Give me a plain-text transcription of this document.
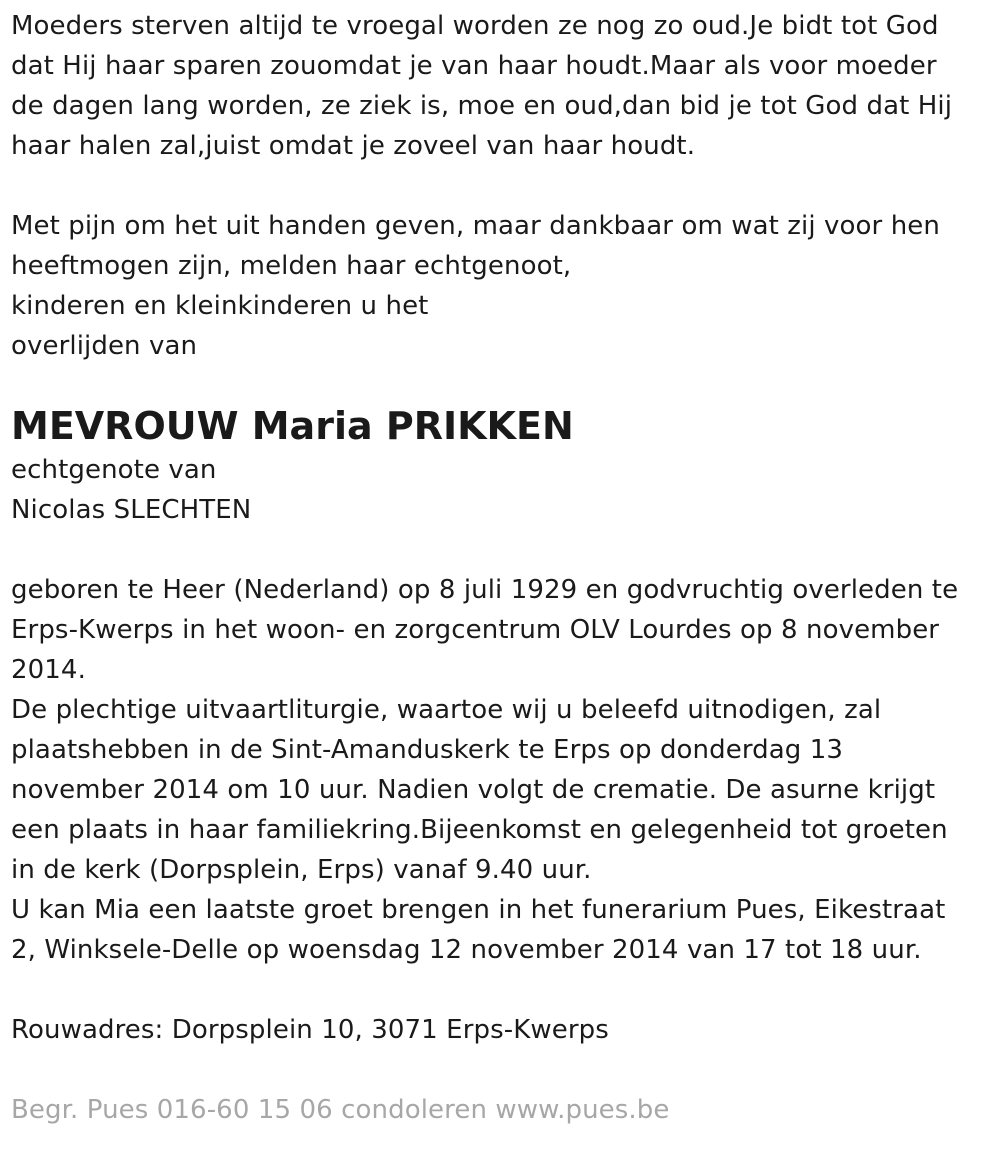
Moeders sterven altijd te vroegal worden ze nog zo oud.Je bidt tot God
dat Hij haar sparen zouomdat je van haar houdt.Maar als voor moeder
de dagen lang worden, ze ziek is, moe en oud,dan bid je tot God dat Hij
haar halen zal,juist omdat je zoveel van haar houdt.
Met pijn om het uit handen geven, maar dankbaar om wat zij voor hen
heeftmogen zijn, melden haar echtgenoot,
kinderen en kleinkinderen u het
overlijden van
MEVROUW Maria PRIKKEN
echtgenote van
Nicolas SLECHTEN
geboren te Heer (Nederland) op 8 juli 1929 en godvruchtig overleden te
Erps-Kwerps in het woon- en zorgcentrum OLV Lourdes op 8 november
2014.
De plechtige uitvaartliturgie, waartoe wij u beleefd uitnodigen, zal
plaatshebben in de Sint-Amanduskerk te Erps op donderdag 13
november 2014 om 10 uur. Nadien volgt de crematie. De asurne krijgt
een plaats in haar familiekring.Bijeenkomst en gelegenheid tot groeten
in de kerk (Dorpsplein, Erps) vanaf 9.40 uur.
U kan Mia een laatste groet brengen in het funerarium Pues, Eikestraat
2, Winksele-Delle op woensdag 12 november 2014 van 17 tot 18 uur.
Rouwadres: Dorpsplein 10, 3071 Erps-Kwerps
Begr. Pues 016-60 15 06 condoleren www.pues.be
